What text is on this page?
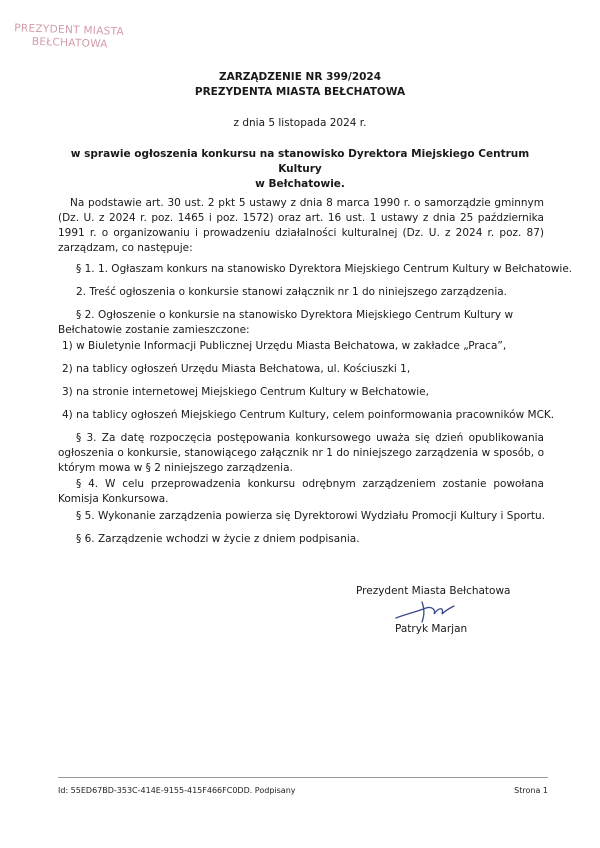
PREZYDENT MIASTA
BEŁCHATOWA
ZARZĄDZENIE NR 399/2024
PREZYDENTA MIASTA BEŁCHATOWA
z dnia 5 listopada 2024 r.
w sprawie ogłoszenia konkursu na stanowisko Dyrektora Miejskiego Centrum Kultury
w Bełchatowie.
Na podstawie art. 30 ust. 2 pkt 5 ustawy z dnia 8 marca 1990 r. o samorządzie gminnym (Dz. U. z 2024 r. poz. 1465 i poz. 1572) oraz art. 16 ust. 1 ustawy z dnia 25 października 1991 r. o organizowaniu i prowadzeniu działalności kulturalnej (Dz. U. z 2024 r. poz. 87) zarządzam, co następuje:
§ 1. 1. Ogłaszam konkurs na stanowisko Dyrektora Miejskiego Centrum Kultury w Bełchatowie.
2. Treść ogłoszenia o konkursie stanowi załącznik nr 1 do niniejszego zarządzenia.
§ 2. Ogłoszenie o konkursie na stanowisko Dyrektora Miejskiego Centrum Kultury w Bełchatowie zostanie zamieszczone:
1) w Biuletynie Informacji Publicznej Urzędu Miasta Bełchatowa, w zakładce „Praca”,
2) na tablicy ogłoszeń Urzędu Miasta Bełchatowa, ul. Kościuszki 1,
3) na stronie internetowej Miejskiego Centrum Kultury w Bełchatowie,
4) na tablicy ogłoszeń Miejskiego Centrum Kultury, celem poinformowania pracowników MCK.
§ 3. Za datę rozpoczęcia postępowania konkursowego uważa się dzień opublikowania ogłoszenia o konkursie, stanowiącego załącznik nr 1 do niniejszego zarządzenia w sposób, o którym mowa w § 2 niniejszego zarządzenia.
§ 4. W celu przeprowadzenia konkursu odrębnym zarządzeniem zostanie powołana Komisja Konkursowa.
§ 5. Wykonanie zarządzenia powierza się Dyrektorowi Wydziału Promocji Kultury i Sportu.
§ 6. Zarządzenie wchodzi w życie z dniem podpisania.
Prezydent Miasta Bełchatowa
Patryk Marjan
Id: 55ED67BD-353C-414E-9155-415F466FC0DD. Podpisany	Strona 1
